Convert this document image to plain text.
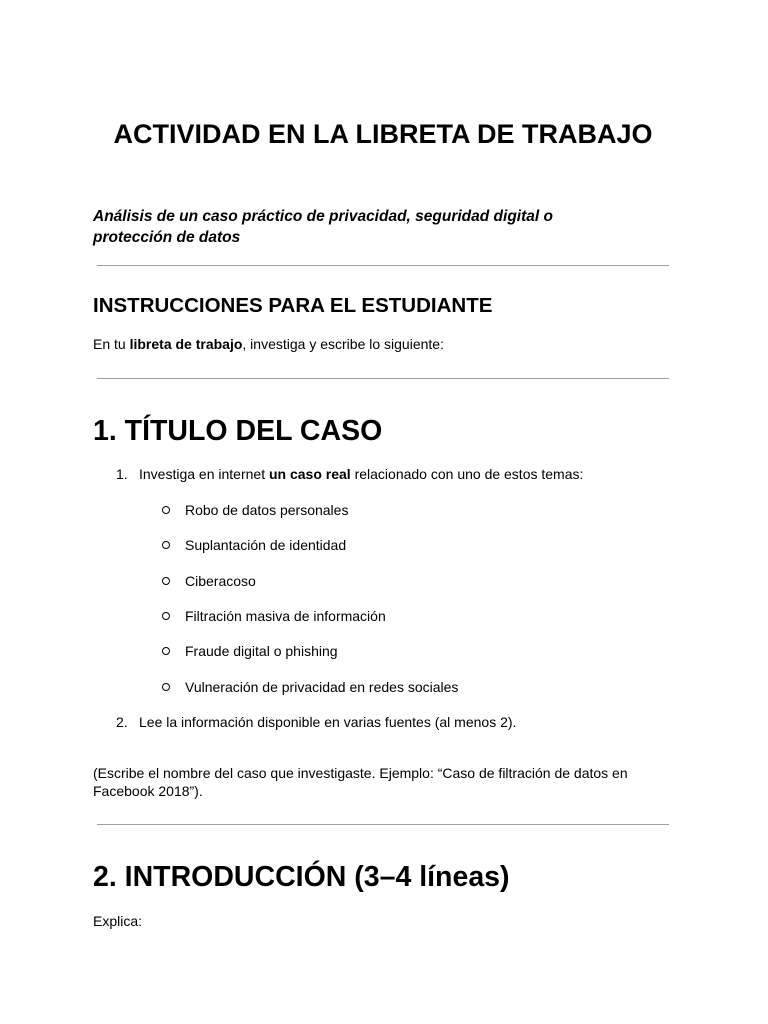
ACTIVIDAD EN LA LIBRETA DE TRABAJO

Análisis de un caso práctico de privacidad, seguridad digital o protección de datos

INSTRUCCIONES PARA EL ESTUDIANTE

En tu libreta de trabajo, investiga y escribe lo siguiente:

1. TÍTULO DEL CASO
1. Investiga en internet un caso real relacionado con uno de estos temas:
Robo de datos personales
Suplantación de identidad
Ciberacoso
Filtración masiva de información
Fraude digital o phishing
Vulneración de privacidad en redes sociales
2. Lee la información disponible en varias fuentes (al menos 2).

(Escribe el nombre del caso que investigaste. Ejemplo: “Caso de filtración de datos en Facebook 2018”).

2. INTRODUCCIÓN (3–4 líneas)

Explica:
